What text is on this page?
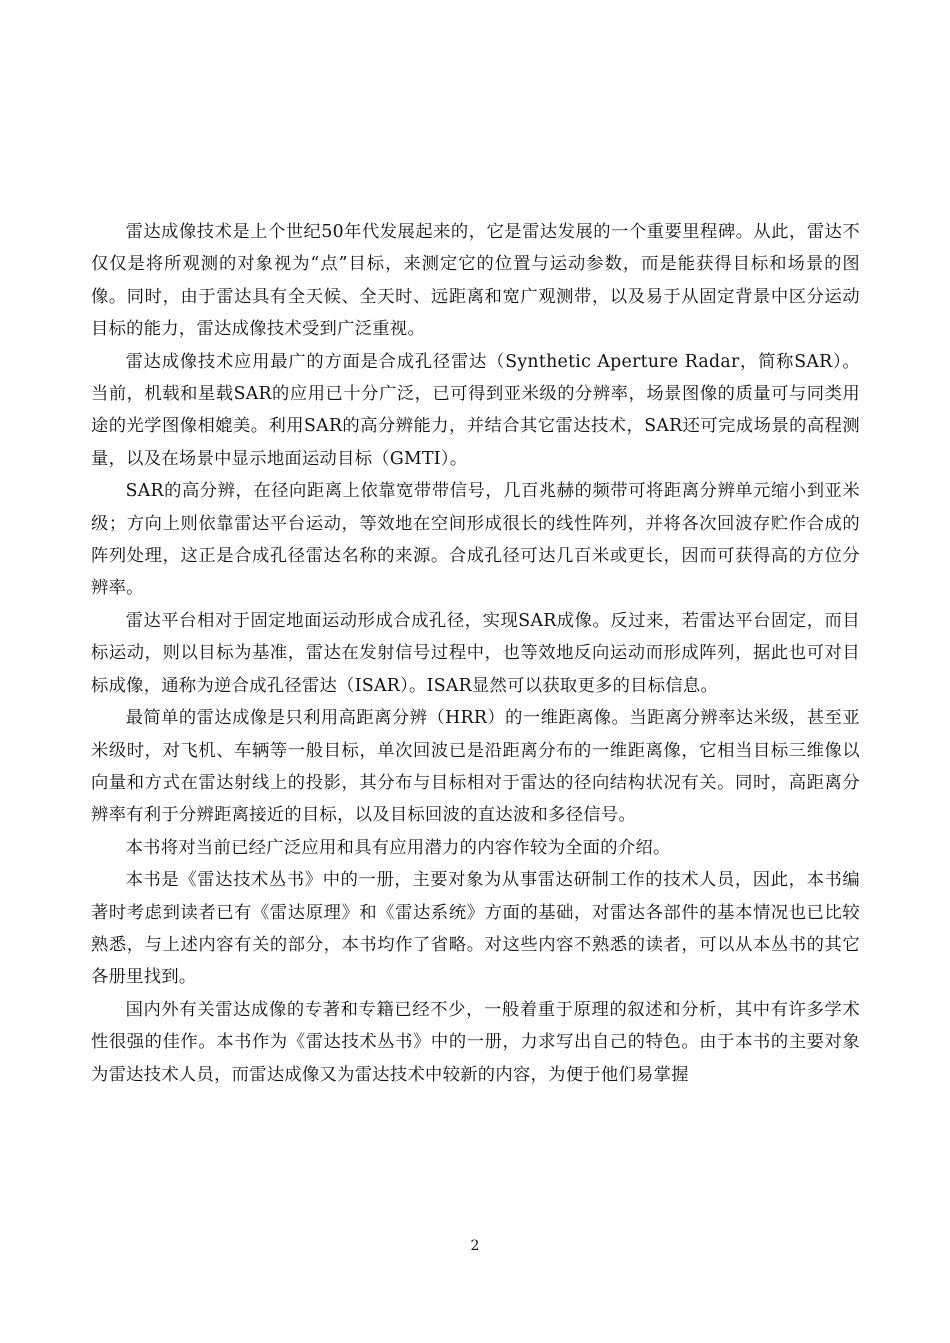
雷达成像技术是上个世纪50年代发展起来的，它是雷达发展的一个重要里程碑。从此，雷达不仅仅是将所观测的对象视为“点”目标，来测定它的位置与运动参数，而是能获得目标和场景的图像。同时，由于雷达具有全天候、全天时、远距离和宽广观测带，以及易于从固定背景中区分运动目标的能力，雷达成像技术受到广泛重视。

雷达成像技术应用最广的方面是合成孔径雷达（Synthetic Aperture Radar，简称SAR）。当前，机载和星载SAR的应用已十分广泛，已可得到亚米级的分辨率，场景图像的质量可与同类用途的光学图像相媲美。利用SAR的高分辨能力，并结合其它雷达技术，SAR还可完成场景的高程测量，以及在场景中显示地面运动目标（GMTI）。

SAR的高分辨，在径向距离上依靠宽带带信号，几百兆赫的频带可将距离分辨单元缩小到亚米级；方向上则依靠雷达平台运动，等效地在空间形成很长的线性阵列，并将各次回波存贮作合成的阵列处理，这正是合成孔径雷达名称的来源。合成孔径可达几百米或更长，因而可获得高的方位分辨率。

雷达平台相对于固定地面运动形成合成孔径，实现SAR成像。反过来，若雷达平台固定，而目标运动，则以目标为基准，雷达在发射信号过程中，也等效地反向运动而形成阵列，据此也可对目标成像，通称为逆合成孔径雷达（ISAR）。ISAR显然可以获取更多的目标信息。

最简单的雷达成像是只利用高距离分辨（HRR）的一维距离像。当距离分辨率达米级，甚至亚米级时，对飞机、车辆等一般目标，单次回波已是沿距离分布的一维距离像，它相当目标三维像以向量和方式在雷达射线上的投影，其分布与目标相对于雷达的径向结构状况有关。同时，高距离分辨率有利于分辨距离接近的目标，以及目标回波的直达波和多径信号。

本书将对当前已经广泛应用和具有应用潜力的内容作较为全面的介绍。

本书是《雷达技术丛书》中的一册，主要对象为从事雷达研制工作的技术人员，因此，本书编著时考虑到读者已有《雷达原理》和《雷达系统》方面的基础，对雷达各部件的基本情况也已比较熟悉，与上述内容有关的部分，本书均作了省略。对这些内容不熟悉的读者，可以从本丛书的其它各册里找到。

国内外有关雷达成像的专著和专籍已经不少，一般着重于原理的叙述和分析，其中有许多学术性很强的佳作。本书作为《雷达技术丛书》中的一册，力求写出自己的特色。由于本书的主要对象为雷达技术人员，而雷达成像又为雷达技术中较新的内容，为便于他们易掌握

2
